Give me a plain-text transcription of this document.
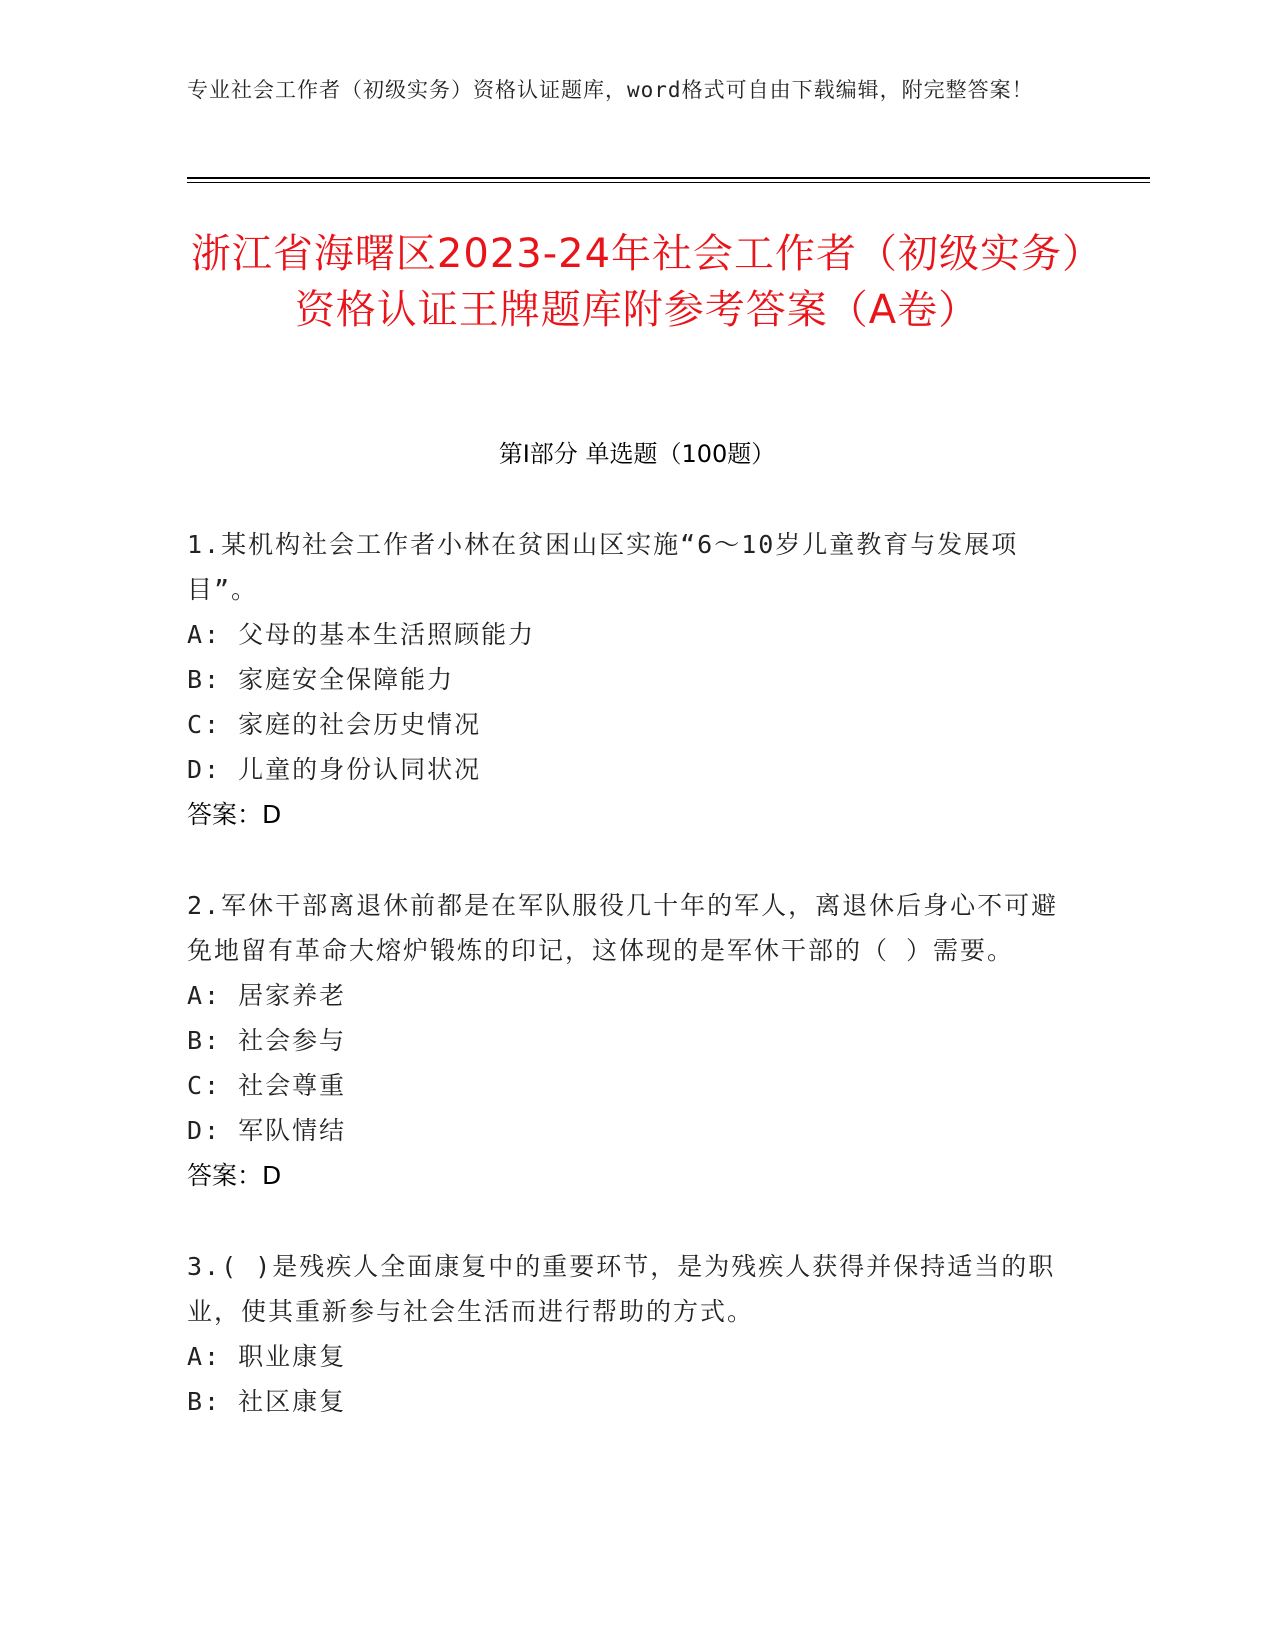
专业社会工作者（初级实务）资格认证题库，word格式可自由下载编辑，附完整答案！
浙江省海曙区2023-24年社会工作者（初级实务）资格认证王牌题库附参考答案（A卷）
第Ⅰ部分 单选题（100题）
1.某机构社会工作者小林在贫困山区实施“6～10岁儿童教育与发展项目”。
A: 父母的基本生活照顾能力
B: 家庭安全保障能力
C: 家庭的社会历史情况
D: 儿童的身份认同状况
答案：D
2.军休干部离退休前都是在军队服役几十年的军人，离退休后身心不可避免地留有革命大熔炉锻炼的印记，这体现的是军休干部的（ ）需要。
A: 居家养老
B: 社会参与
C: 社会尊重
D: 军队情结
答案：D
3.( )是残疾人全面康复中的重要环节，是为残疾人获得并保持适当的职业，使其重新参与社会生活而进行帮助的方式。
A: 职业康复
B: 社区康复
